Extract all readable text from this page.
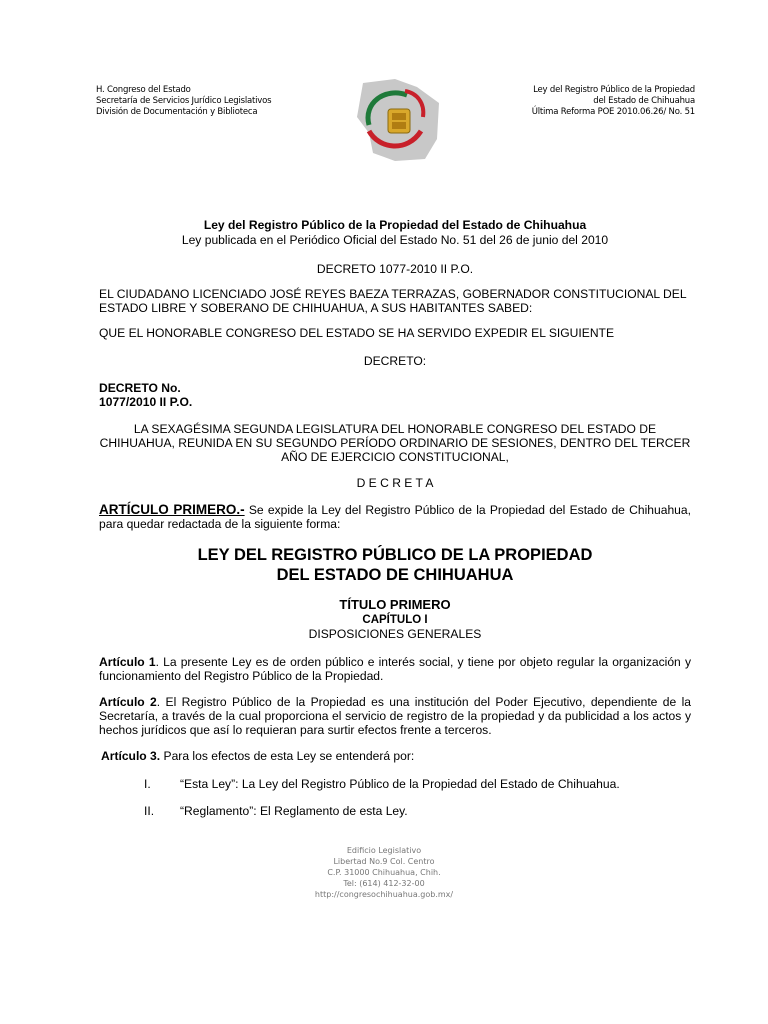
H. Congreso del Estado
Secretaría de Servicios Jurídico Legislativos
División de Documentación y Biblioteca
Ley del Registro Público de la Propiedad
del Estado de Chihuahua
Última Reforma POE 2010.06.26/ No. 51
Ley del Registro Público de la Propiedad del Estado de Chihuahua
Ley publicada en el Periódico Oficial del Estado No. 51 del 26 de junio del 2010
DECRETO 1077-2010 II P.O.
EL CIUDADANO LICENCIADO JOSÉ REYES BAEZA TERRAZAS, GOBERNADOR CONSTITUCIONAL DEL ESTADO LIBRE Y SOBERANO DE CHIHUAHUA, A SUS HABITANTES SABED:
QUE EL HONORABLE CONGRESO DEL ESTADO SE HA SERVIDO EXPEDIR EL SIGUIENTE
DECRETO:
DECRETO No.
1077/2010 II P.O.
LA SEXAGÉSIMA SEGUNDA LEGISLATURA DEL HONORABLE CONGRESO DEL ESTADO DE CHIHUAHUA, REUNIDA EN SU SEGUNDO PERÍODO ORDINARIO DE SESIONES, DENTRO DEL TERCER AÑO DE EJERCICIO CONSTITUCIONAL,
D E C R E T A
ARTÍCULO PRIMERO.- Se expide la Ley del Registro Público de la Propiedad del Estado de Chihuahua, para quedar redactada de la siguiente forma:
LEY DEL REGISTRO PÚBLICO DE LA PROPIEDAD
DEL ESTADO DE CHIHUAHUA
TÍTULO PRIMERO
CAPÍTULO I
DISPOSICIONES GENERALES
Artículo 1. La presente Ley es de orden público e interés social, y tiene por objeto regular la organización y funcionamiento del Registro Público de la Propiedad.
Artículo 2. El Registro Público de la Propiedad es una institución del Poder Ejecutivo, dependiente de la Secretaría, a través de la cual proporciona el servicio de registro de la propiedad y da publicidad a los actos y hechos jurídicos que así lo requieran para surtir efectos frente a terceros.
Artículo 3. Para los efectos de esta Ley se entenderá por:
I. “Esta Ley”: La Ley del Registro Público de la Propiedad del Estado de Chihuahua.
II. “Reglamento”: El Reglamento de esta Ley.
Edificio Legislativo
Libertad No.9 Col. Centro
C.P. 31000 Chihuahua, Chih.
Tel: (614) 412-32-00
http://congresochihuahua.gob.mx/
